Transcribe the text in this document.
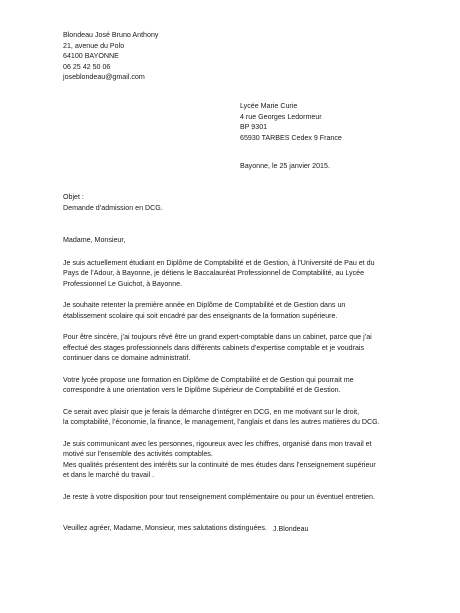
Blondeau José Bruno Anthony
21, avenue du Polo
64100 BAYONNE
06 25 42 50 06
joseblondeau@gmail.com
Lycée Marie Curie
4 rue Georges Ledormeur
BP 9301
65930 TARBES Cedex 9 France
Bayonne, le 25 janvier 2015.
Objet :
Demande d’admission en DCG.
Madame, Monsieur,
Je suis actuellement étudiant en Diplôme de Comptabilité et de Gestion, à l’Université de Pau et du
Pays de l’Adour, à Bayonne, je détiens le Baccalauréat Professionnel de Comptabilité, au Lycée
Professionnel Le Guichot, à Bayonne.
Je souhaite retenter la première année en Diplôme de Comptabilité et de Gestion dans un
établissement scolaire qui soit encadré par des enseignants de la formation supérieure.
Pour être sincère, j’ai toujours rêvé être un grand expert-comptable dans un cabinet, parce que j’ai
effectué des stages professionnels dans différents cabinets d’expertise comptable et je voudrais
continuer dans ce domaine administratif.
Votre lycée propose une formation en Diplôme de Comptabilité et de Gestion qui pourrait me
correspondre à une orientation vers le Diplôme Supérieur de Comptabilité et de Gestion.
Ce serait avec plaisir que je ferais la démarche d’intégrer en DCG, en me motivant sur le droit,
la comptabilité, l’économie, la finance, le management, l’anglais et dans les autres matières du DCG.
Je suis communicant avec les personnes, rigoureux avec les chiffres, organisé dans mon travail et
motivé sur l’ensemble des activités comptables.
Mes qualités présentent des intérêts sur la continuité de mes études dans l’enseignement supérieur
et dans le marché du travail .
Je reste à votre disposition pour tout renseignement complémentaire ou pour un éventuel entretien.
Veuillez agréer, Madame, Monsieur, mes salutations distinguées. J.Blondeau
